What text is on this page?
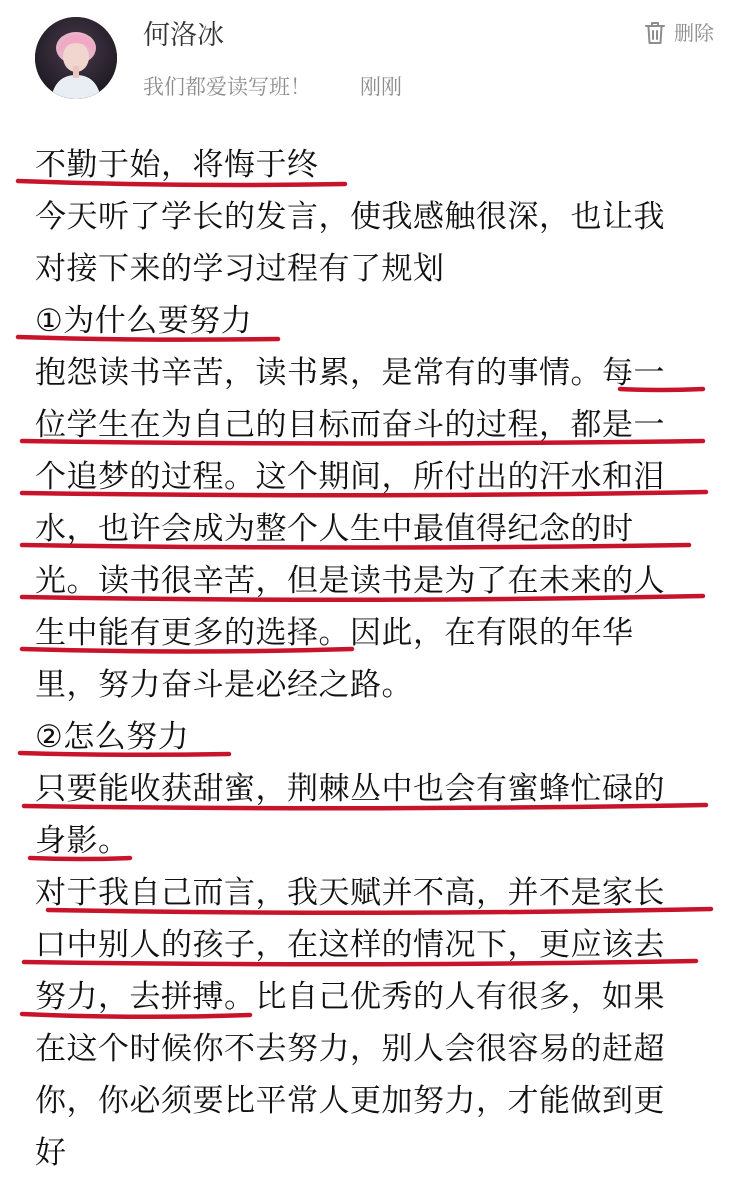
何洛冰
我们都爱读写班！ 刚刚
删除
不勤于始，将悔于终
今天听了学长的发言，使我感触很深，也让我
对接下来的学习过程有了规划
①为什么要努力
抱怨读书辛苦，读书累，是常有的事情。每一
位学生在为自己的目标而奋斗的过程，都是一
个追梦的过程。这个期间，所付出的汗水和泪
水，也许会成为整个人生中最值得纪念的时
光。读书很辛苦，但是读书是为了在未来的人
生中能有更多的选择。因此，在有限的年华
里，努力奋斗是必经之路。
②怎么努力
只要能收获甜蜜，荆棘丛中也会有蜜蜂忙碌的
身影。
对于我自己而言，我天赋并不高，并不是家长
口中别人的孩子，在这样的情况下，更应该去
努力，去拼搏。比自己优秀的人有很多，如果
在这个时候你不去努力，别人会很容易的赶超
你，你必须要比平常人更加努力，才能做到更
好
